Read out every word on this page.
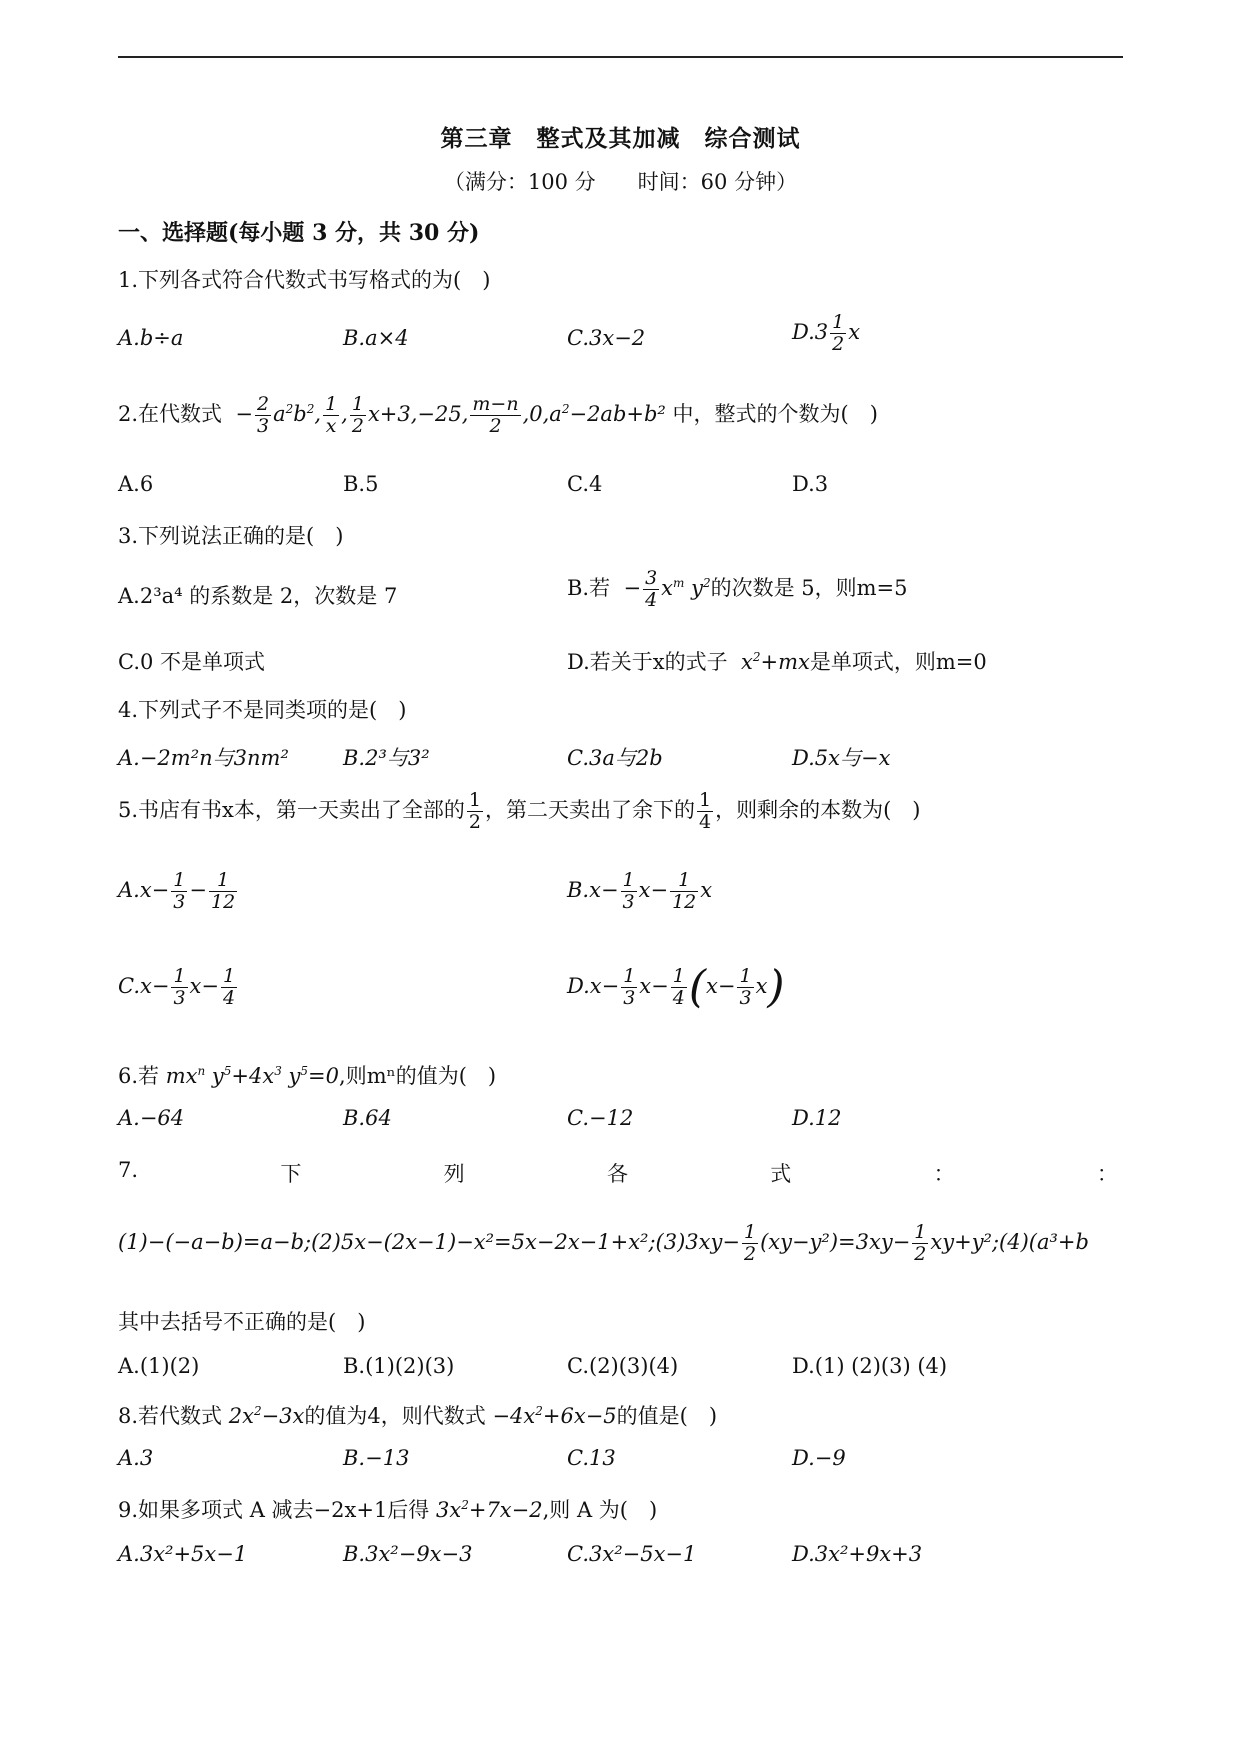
第三章　整式及其加减　综合测试
（满分：100 分　　时间：60 分钟）
一、选择题(每小题 3 分，共 30 分)
1.下列各式符合代数式书写格式的为(　)
A.b÷a	B.a×4	C.3x−2	$D.3 \frac{1}{2}$ x
2.在代数式  − $\frac{2}{3} a^2b^2$, $\frac{1}{x}$ , $\frac{1}{2} x+3,-25$, $\frac{m-n}{2} ,0,a^2-2ab+b^2$ 中，整式的个数为(　)
A.6	B.5	C.4	D.3
3.下列说法正确的是(　)
A.2³a⁴ 的系数是 2，次数是 7	B.若  − $\frac{3}{4} x^m$ $y^2$的次数是 5，则m=5
C.0 不是单项式	D.若关于x的式子  $x^2+mx$是单项式，则m=0
4.下列式子不是同类项的是(　)
A.−2m²n与3nm²	B.2³与3²	C.3a与2b	D.5x与−x
5.书店有书x本，第一天卖出了全部的 $\frac{1}{2}$ ，第二天卖出了余下的 $\frac{1}{4}$ ，则剩余的本数为(　)
$A.x- \frac{1}{3} - \frac{1}{12}$	$B.x- \frac{1}{3} x- \frac{1}{12}$ x
$C.x- \frac{1}{3} x- \frac{1}{4}$	$D.x- \frac{1}{3} x- \frac{1}{4} (x- \frac{1}{3} x)$
6.若 $mx^n$ $y^5+4x^3$ $y^5=0$,则mⁿ的值为(　)
A.−64	B.64	C.−12	D.12
7.	下	列	各	式	：	：
(1)−(−a−b)=a−b;(2)5x−(2x−1)−x²=5x−2x−1+x²;(3)3xy− $\frac{1}{2} (xy-y^2)=3xy- \frac{1}{2}$ xy+y²;(4)(a³+b
其中去括号不正确的是(　)
A.(1)(2)	B.(1)(2)(3)	C.(2)(3)(4)	D.(1) (2)(3) (4)
8.若代数式 $2x^2-3x$的值为4，则代数式 $-4x^2+6x-5$的值是(　)
A.3	B.−13	C.13	D.−9
9.如果多项式 A 减去−2x+1后得 $3x^2+7x-2$,则 A 为(　)
A.3x²+5x−1	B.3x²−9x−3	C.3x²−5x−1	D.3x²+9x+3
